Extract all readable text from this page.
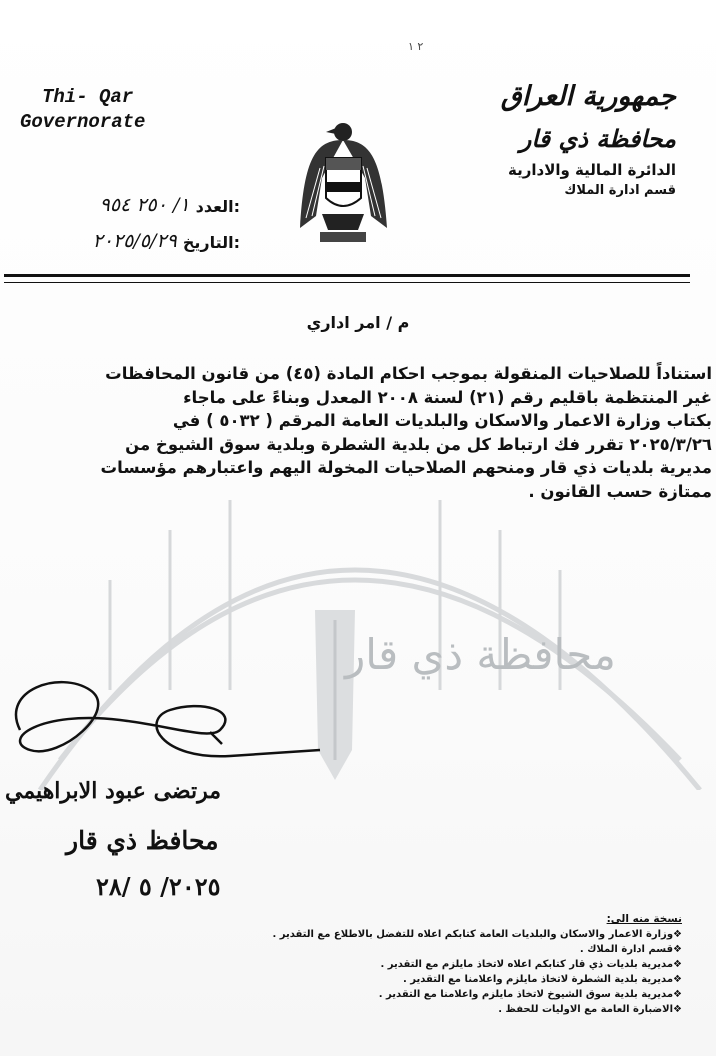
محافظة ذي قار
٢ ١
Thi- Qar
Governorate
العدد:
١/ ٢٥٠ ٩٥٤
التاريخ:
٢٠٢٥/٥/٢٩
جمهورية العراق
محافظة ذي قار
الدائرة المالية والادارية
قسم ادارة الملاك
م / امر اداري
استناداً للصلاحيات المنقولة بموجب احكام المادة (٤٥) من قانون المحافظات
غير المنتظمة باقليم رقم (٢١) لسنة ٢٠٠٨ المعدل وبناءً على ماجاء
بكتاب وزارة الاعمار والاسكان والبلديات العامة المرقم ( ٥٠٣٢ ) في
٢٠٢٥/٣/٢٦ تقرر فك ارتباط كل من بلدية الشطرة وبلدية سوق الشيوخ من
مديرية بلديات ذي قار ومنحهم الصلاحيات المخولة اليهم واعتبارهم مؤسسات
ممتازة حسب القانون .
مرتضى عبود الابراهيمي
محافظ ذي قار
٢٠٢٥/ ٥ /٢٨
نسخة منه الى:
❖ وزارة الاعمار والاسكان والبلديات العامة كتابكم اعلاه للتفضل بالاطلاع مع التقدير .
❖ قسم ادارة الملاك .
❖ مديرية بلديات ذي قار كتابكم اعلاه لاتخاذ مايلزم مع التقدير .
❖ مديرية بلدية الشطرة لاتخاذ مايلزم واعلامنا مع التقدير .
❖ مديرية بلدية سوق الشيوخ لاتخاذ مايلزم واعلامنا مع التقدير .
❖ الاضبارة العامة مع الاوليات للحفظ .
